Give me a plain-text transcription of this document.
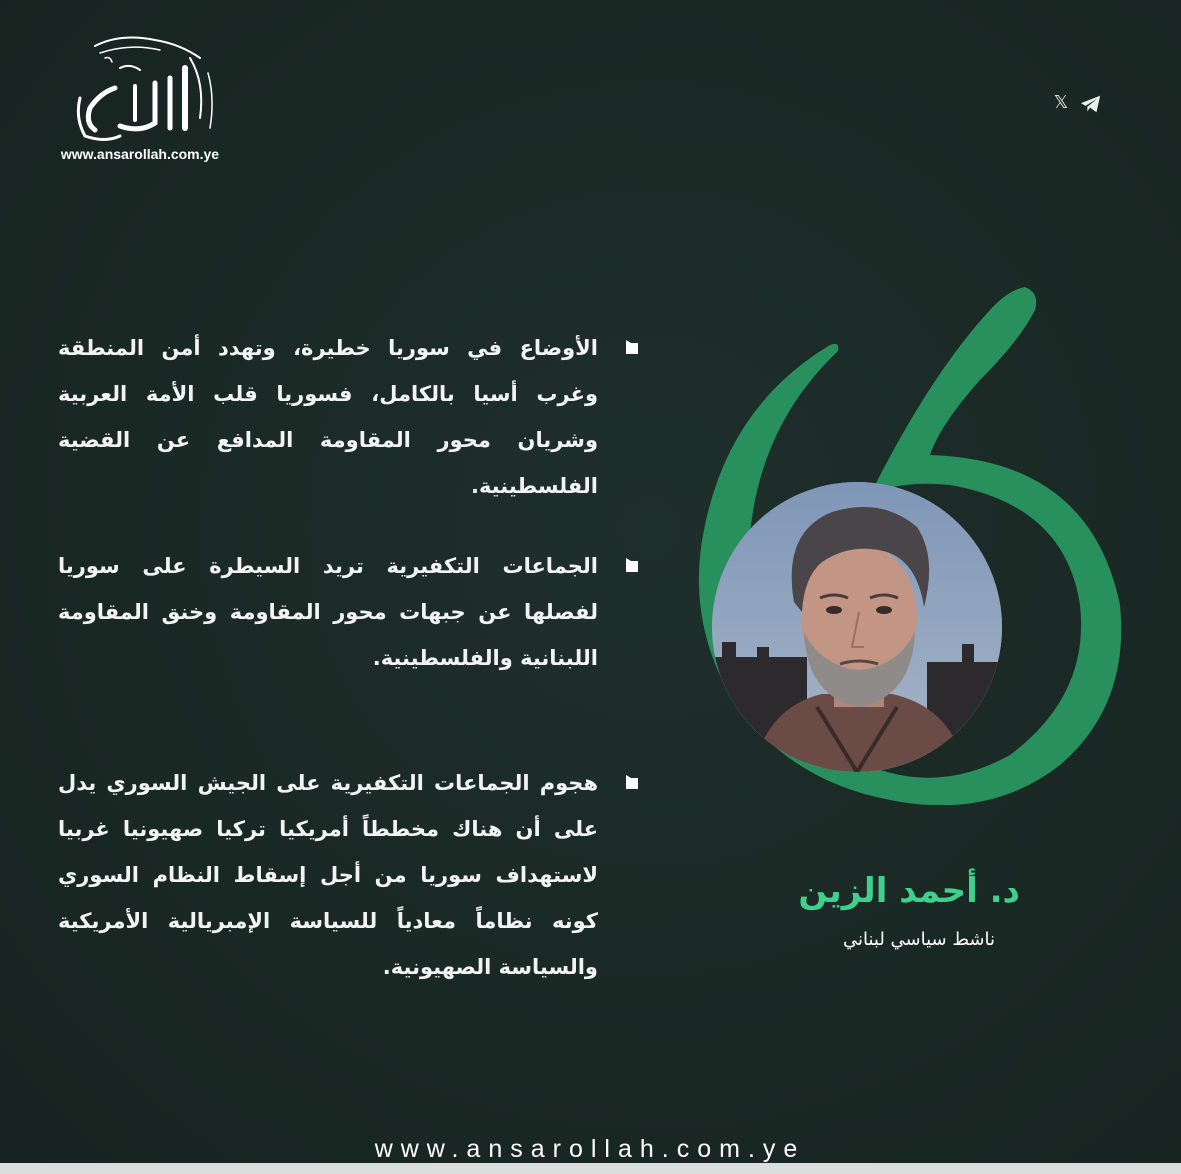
www.ansarollah.com.ye
𝕏
الأوضاع في سوريا خطيرة، وتهدد أمن المنطقة وغرب أسيا بالكامل، فسوريا قلب الأمة العربية وشريان محور المقاومة المدافع عن القضية الفلسطينية.
الجماعات التكفيرية تريد السيطرة على سوريا لفصلها عن جبهات محور المقاومة وخنق المقاومة اللبنانية والفلسطينية.
هجوم الجماعات التكفيرية على الجيش السوري يدل على أن هناك مخططاً أمريكيا تركيا صهيونيا غربيا لاستهداف سوريا من أجل إسقاط النظام السوري كونه نظاماً معادياً للسياسة الإمبريالية الأمريكية والسياسة الصهيونية.
د. أحمد الزين
ناشط سياسي لبناني
www.ansarollah.com.ye
